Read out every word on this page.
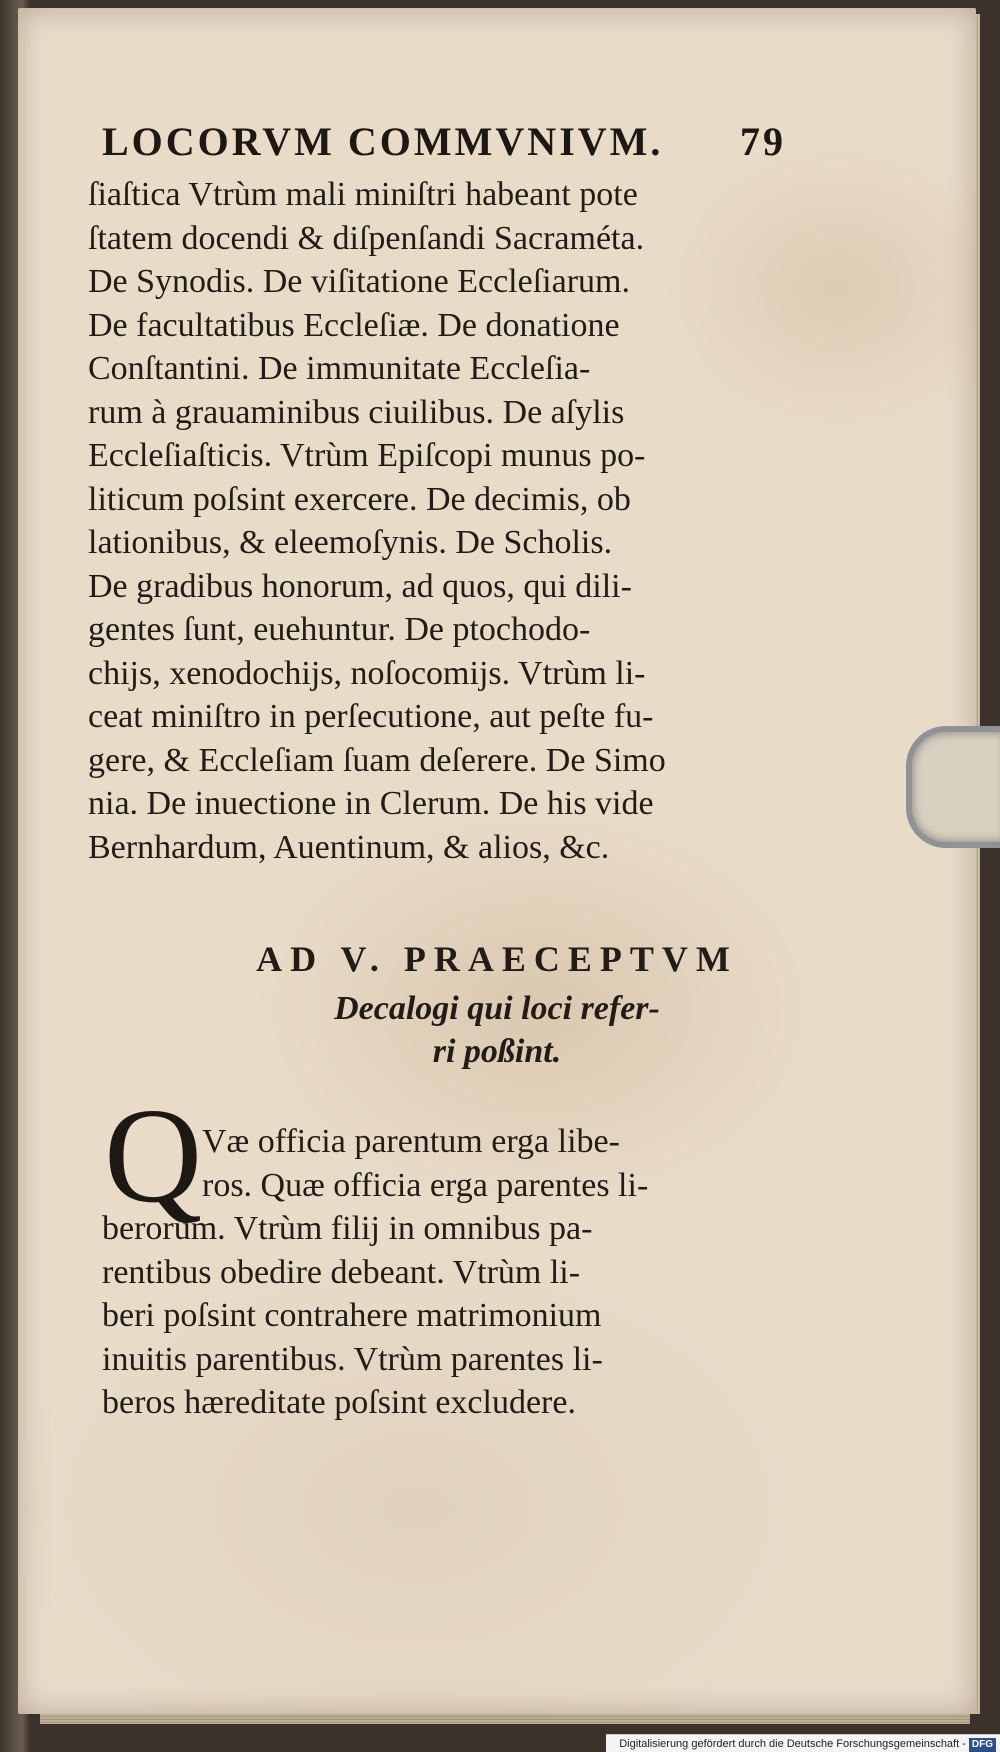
LOCORVM COMMVNIVM. 79
ſiaſtica Vtrùm mali miniſtri habeant pote
ſtatem docendi & diſpenſandi Sacraméta.
De Synodis. De viſitatione Eccleſiarum.
De facultatibus Eccleſiæ. De donatione
Conſtantini. De immunitate Eccleſia-
rum à grauaminibus ciuilibus. De aſylis
Eccleſiaſticis. Vtrùm Epiſcopi munus po-
liticum poſsint exercere. De decimis, ob
lationibus, & eleemoſynis. De Scholis.
De gradibus honorum, ad quos, qui dili-
gentes ſunt, euehuntur. De ptochodo-
chijs, xenodochijs, noſocomijs. Vtrùm li-
ceat miniſtro in perſecutione, aut peſte fu-
gere, & Eccleſiam ſuam deſerere. De Simo
nia. De inuectione in Clerum. De his vide
Bernhardum, Auentinum, & alios, &c.
AD V. PRAECEPTVM
Decalogi qui loci refer-
ri poßint.
Q Væ officia parentum erga libe-
ros. Quæ officia erga parentes li-
berorum. Vtrùm filij in omnibus pa-
rentibus obedire debeant. Vtrùm li-
beri poſsint contrahere matrimonium
inuitis parentibus. Vtrùm parentes li-
beros hæreditate poſsint excludere.
Digitalisierung gefördert durch die Deutsche Forschungsgemeinschaft - DFG
